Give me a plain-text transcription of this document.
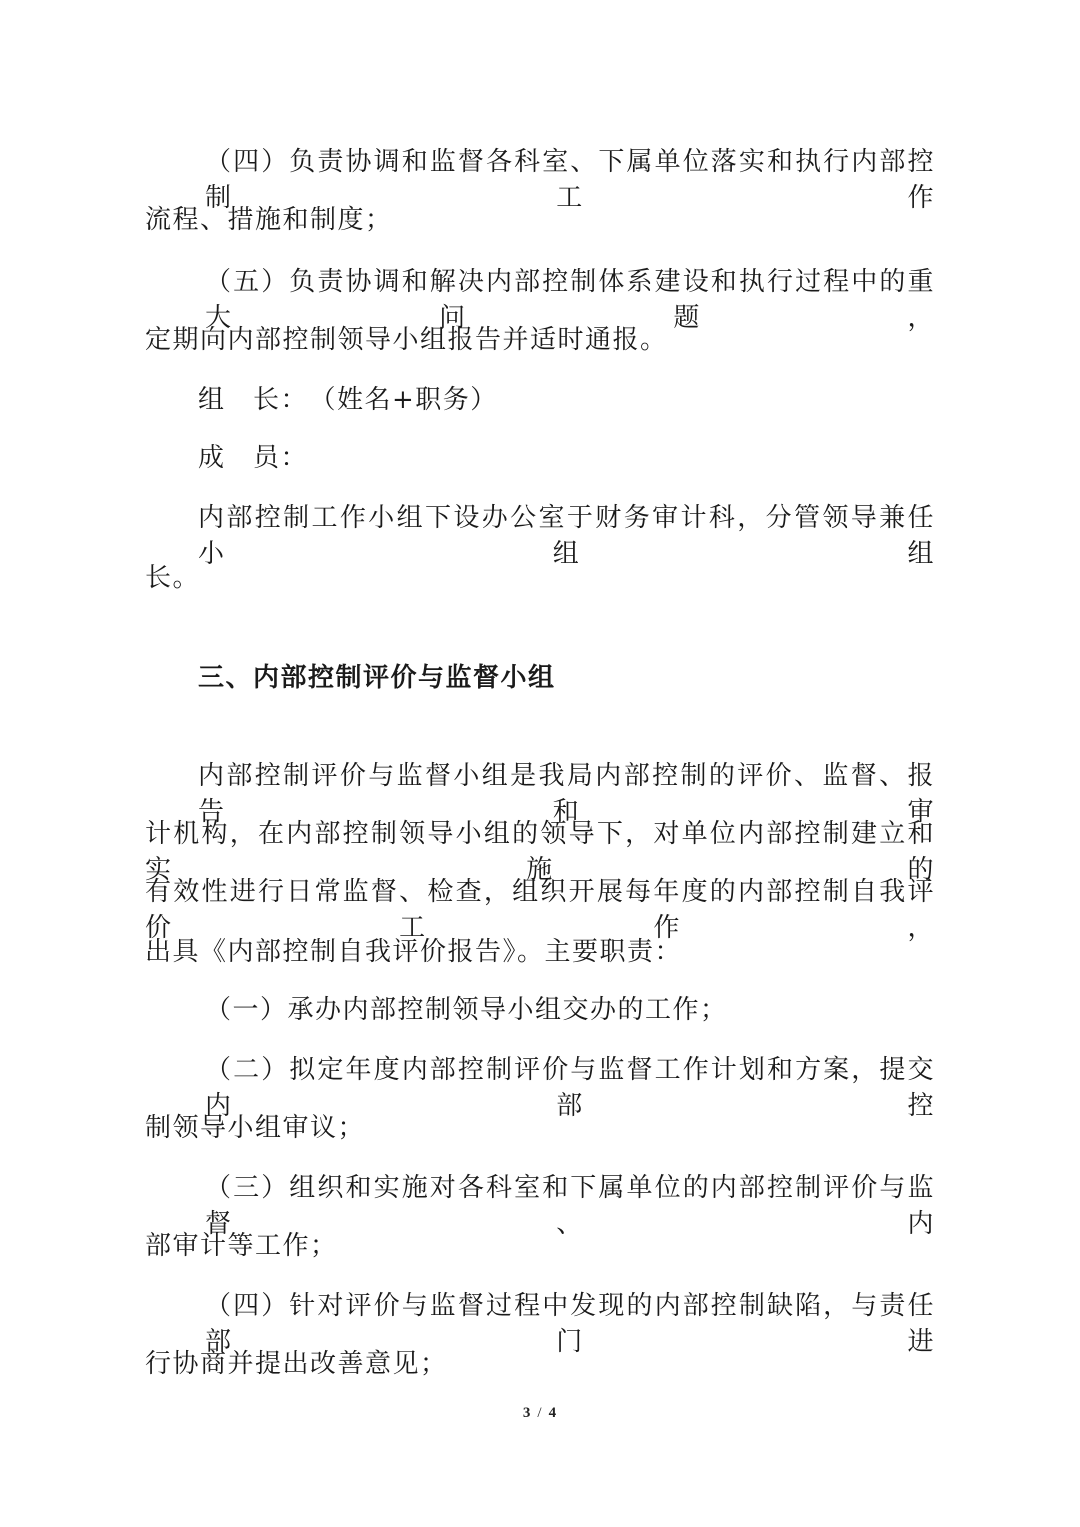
（四）负责协调和监督各科室、下属单位落实和执行内部控制工作
流程、措施和制度；
（五）负责协调和解决内部控制体系建设和执行过程中的重大问题，
定期向内部控制领导小组报告并适时通报。
组　长：　（姓名+职务）
成　员：
内部控制工作小组下设办公室于财务审计科，分管领导兼任小组组
长。
三、内部控制评价与监督小组
内部控制评价与监督小组是我局内部控制的评价、监督、报告和审
计机构，在内部控制领导小组的领导下，对单位内部控制建立和实施的
有效性进行日常监督、检查，组织开展每年度的内部控制自我评价工作，
出具《内部控制自我评价报告》。主要职责：
（一）承办内部控制领导小组交办的工作；
（二）拟定年度内部控制评价与监督工作计划和方案，提交内部控
制领导小组审议；
（三）组织和实施对各科室和下属单位的内部控制评价与监督、内
部审计等工作；
（四）针对评价与监督过程中发现的内部控制缺陷，与责任部门进
行协商并提出改善意见；
3 / 4
